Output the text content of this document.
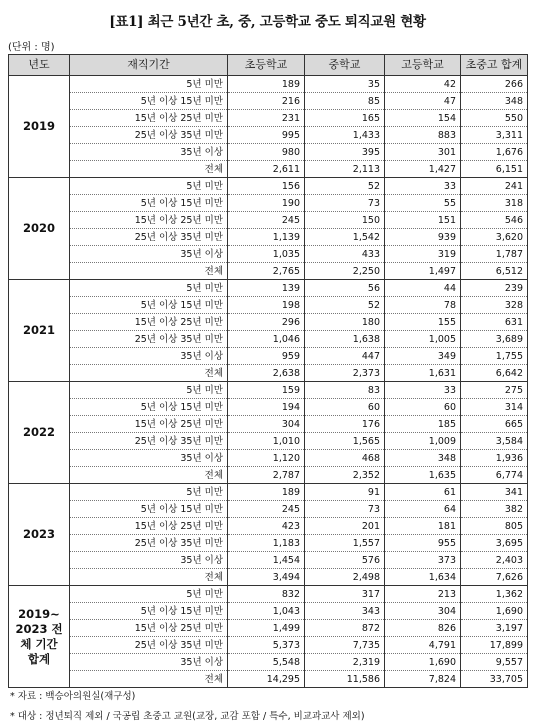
[표1] 최근 5년간 초, 중, 고등학교 중도 퇴직교원 현황
(단위 : 명)
년도	재직기간	초등학교	중학교	고등학교	초중고 합계
2019	5년 미만	189	35	42	266
	5년 이상 15년 미만	216	85	47	348
	15년 이상 25년 미만	231	165	154	550
	25년 이상 35년 미만	995	1,433	883	3,311
	35년 이상	980	395	301	1,676
	전체	2,611	2,113	1,427	6,151
2020	5년 미만	156	52	33	241
	5년 이상 15년 미만	190	73	55	318
	15년 이상 25년 미만	245	150	151	546
	25년 이상 35년 미만	1,139	1,542	939	3,620
	35년 이상	1,035	433	319	1,787
	전체	2,765	2,250	1,497	6,512
2021	5년 미만	139	56	44	239
	5년 이상 15년 미만	198	52	78	328
	15년 이상 25년 미만	296	180	155	631
	25년 이상 35년 미만	1,046	1,638	1,005	3,689
	35년 이상	959	447	349	1,755
	전체	2,638	2,373	1,631	6,642
2022	5년 미만	159	83	33	275
	5년 이상 15년 미만	194	60	60	314
	15년 이상 25년 미만	304	176	185	665
	25년 이상 35년 미만	1,010	1,565	1,009	3,584
	35년 이상	1,120	468	348	1,936
	전체	2,787	2,352	1,635	6,774
2023	5년 미만	189	91	61	341
	5년 이상 15년 미만	245	73	64	382
	15년 이상 25년 미만	423	201	181	805
	25년 이상 35년 미만	1,183	1,557	955	3,695
	35년 이상	1,454	576	373	2,403
	전체	3,494	2,498	1,634	7,626
2019~ 2023 전체 기간 합계	5년 미만	832	317	213	1,362
	5년 이상 15년 미만	1,043	343	304	1,690
	15년 이상 25년 미만	1,499	872	826	3,197
	25년 이상 35년 미만	5,373	7,735	4,791	17,899
	35년 이상	5,548	2,319	1,690	9,557
	전체	14,295	11,586	7,824	33,705
* 자료 : 백승아의원실(재구성)
* 대상 : 정년퇴직 제외 / 국공립 초중고 교원(교장, 교감 포함 / 특수, 비교과교사 제외)
